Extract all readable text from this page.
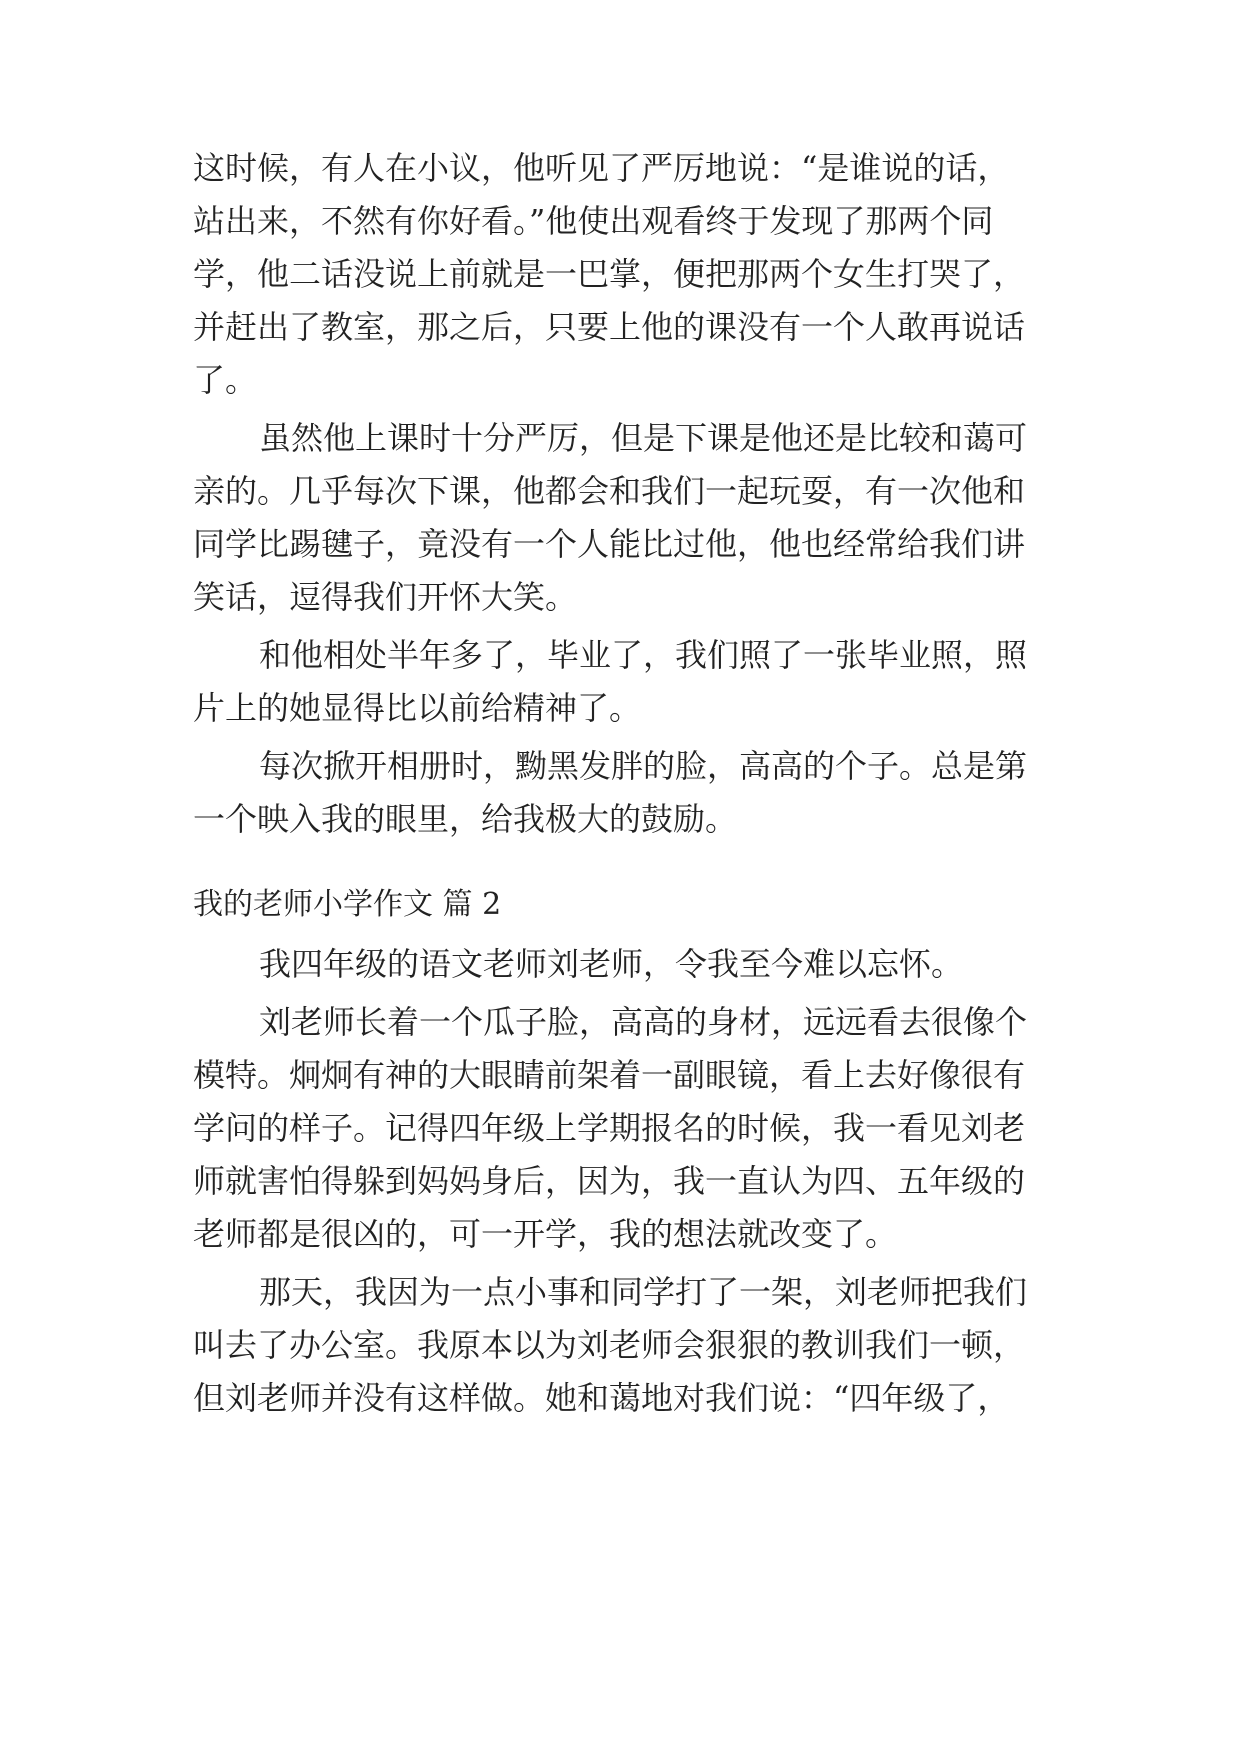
这时候，有人在小议，他听见了严厉地说：“是谁说的话，
站出来，不然有你好看。”他使出观看终于发现了那两个同
学，他二话没说上前就是一巴掌，便把那两个女生打哭了，
并赶出了教室，那之后，只要上他的课没有一个人敢再说话
了。
虽然他上课时十分严厉，但是下课是他还是比较和蔼可
亲的。几乎每次下课，他都会和我们一起玩耍，有一次他和
同学比踢毽子，竟没有一个人能比过他，他也经常给我们讲
笑话，逗得我们开怀大笑。
和他相处半年多了，毕业了，我们照了一张毕业照，照
片上的她显得比以前给精神了。
每次掀开相册时，黝黑发胖的脸，高高的个子。总是第
一个映入我的眼里，给我极大的鼓励。
我的老师小学作文 篇 2
我四年级的语文老师刘老师，令我至今难以忘怀。
刘老师长着一个瓜子脸，高高的身材，远远看去很像个
模特。炯炯有神的大眼睛前架着一副眼镜，看上去好像很有
学问的样子。记得四年级上学期报名的时候，我一看见刘老
师就害怕得躲到妈妈身后，因为，我一直认为四、五年级的
老师都是很凶的，可一开学，我的想法就改变了。
那天，我因为一点小事和同学打了一架，刘老师把我们
叫去了办公室。我原本以为刘老师会狠狠的教训我们一顿，
但刘老师并没有这样做。她和蔼地对我们说：“四年级了，
